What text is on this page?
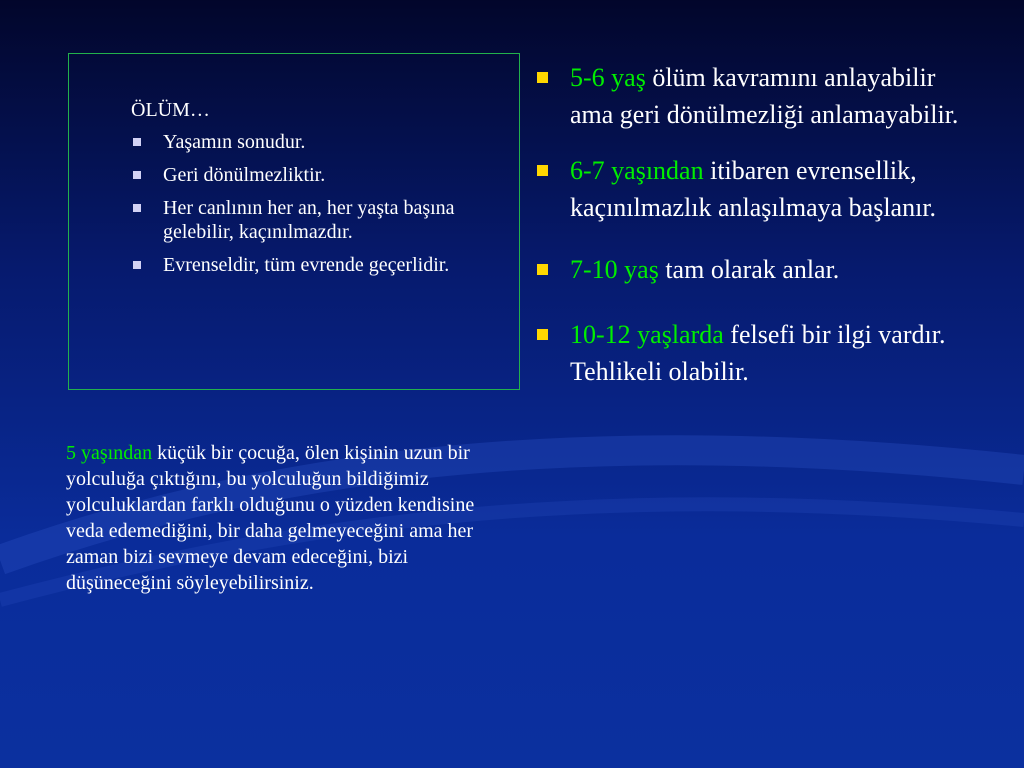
ÖLÜM…
Yaşamın sonudur.
Geri dönülmezliktir.
Her canlının her an, her yaşta başına gelebilir, kaçınılmazdır.
Evrenseldir, tüm evrende geçerlidir.
5 yaşından küçük bir çocuğa, ölen kişinin uzun bir yolculuğa çıktığını, bu yolculuğun bildiğimiz yolculuklardan farklı olduğunu o yüzden kendisine veda edemediğini, bir daha gelmeyeceğini ama her zaman bizi sevmeye devam edeceğini, bizi düşüneceğini söyleyebilirsiniz.
5-6 yaş ölüm kavramını anlayabilir ama geri dönülmezliği anlamayabilir.
6-7 yaşından itibaren evrensellik, kaçınılmazlık anlaşılmaya başlanır.
7-10 yaş tam olarak anlar.
10-12 yaşlarda felsefi bir ilgi vardır. Tehlikeli olabilir.
